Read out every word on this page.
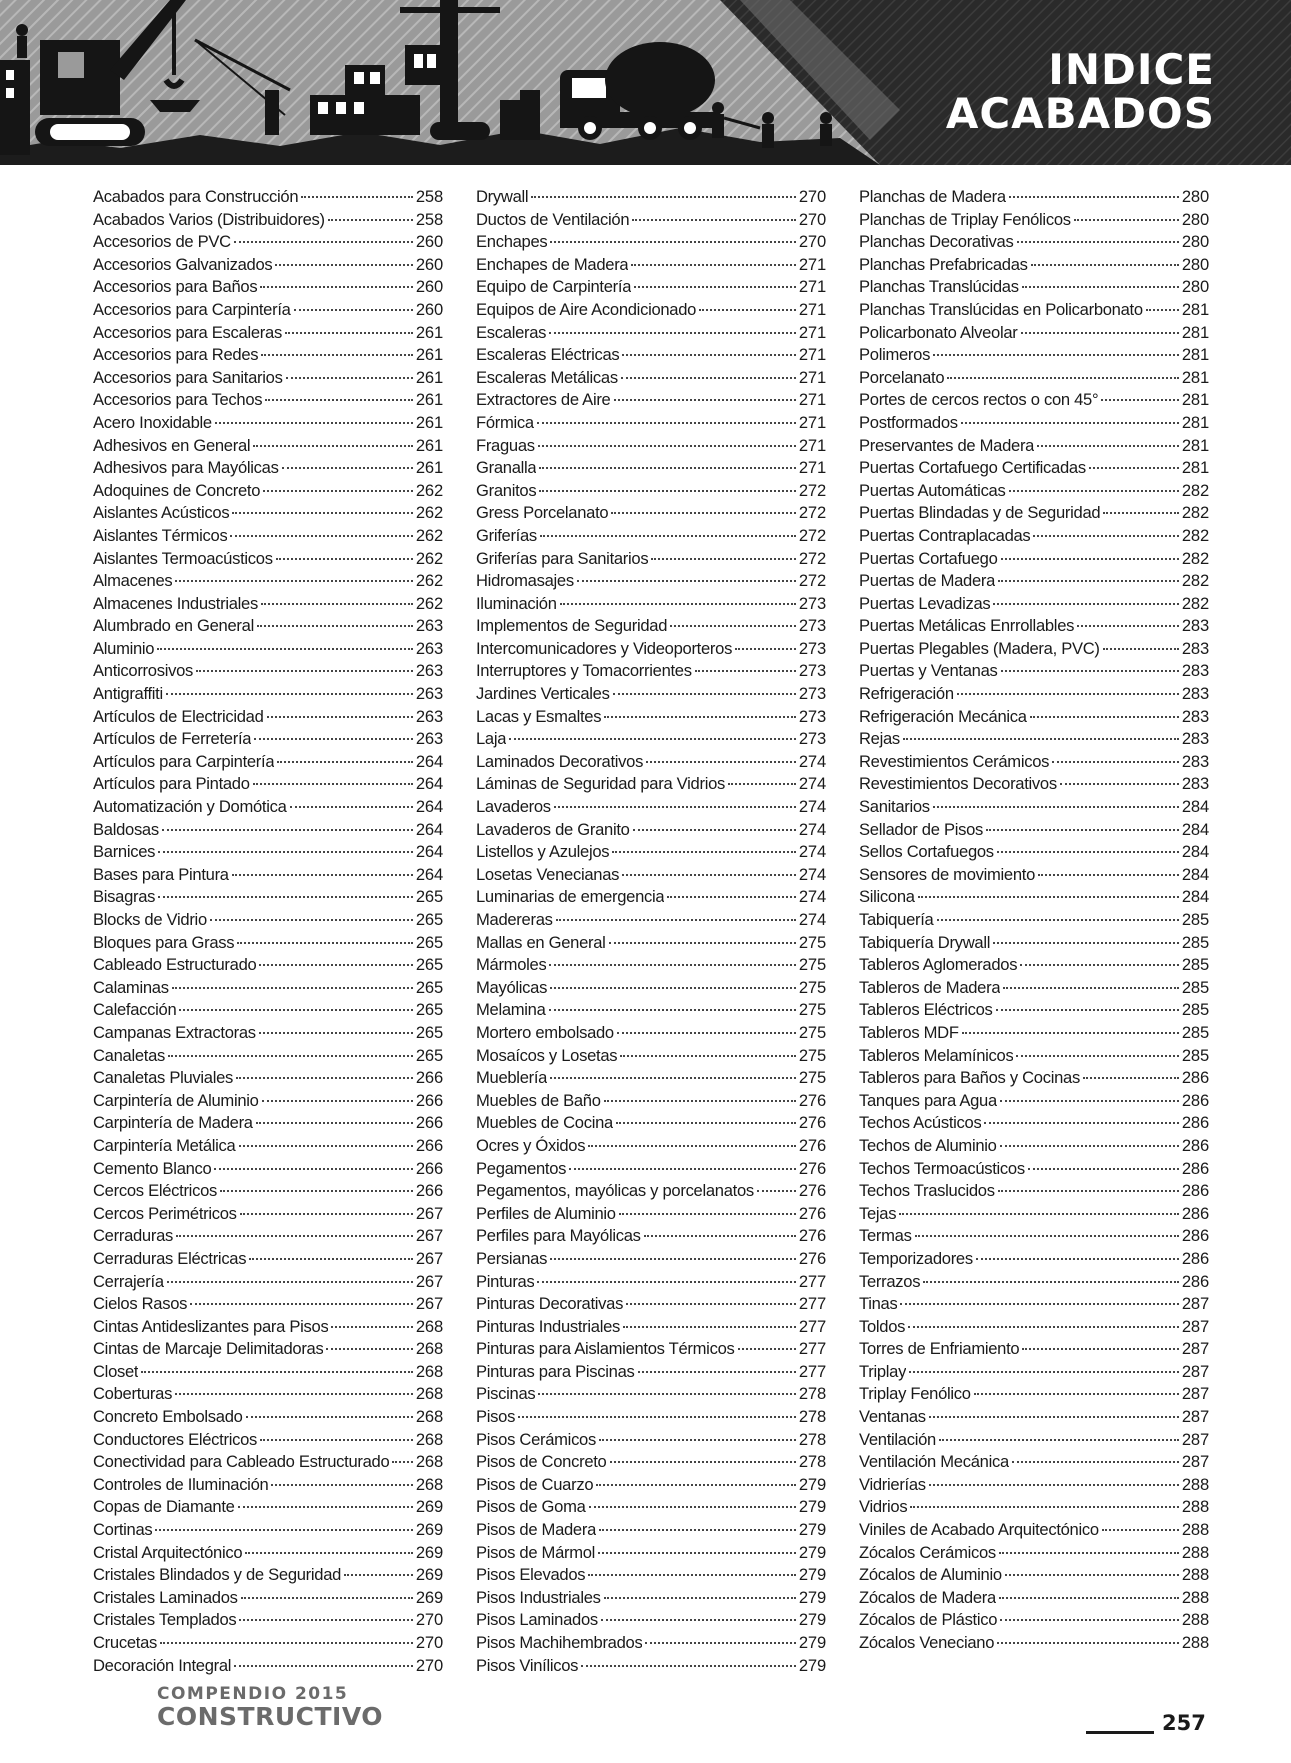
INDICE
ACABADOS
Acabados para Construcción	258
Acabados Varios (Distribuidores)	258
Accesorios de PVC	260
Accesorios Galvanizados	260
Accesorios para Baños	260
Accesorios para Carpintería	260
Accesorios para Escaleras	261
Accesorios para Redes	261
Accesorios para Sanitarios	261
Accesorios para Techos	261
Acero Inoxidable	261
Adhesivos en General	261
Adhesivos para Mayólicas	261
Adoquines de Concreto	262
Aislantes Acústicos	262
Aislantes Térmicos	262
Aislantes Termoacústicos	262
Almacenes	262
Almacenes Industriales	262
Alumbrado en General	263
Aluminio	263
Anticorrosivos	263
Antigraffiti	263
Artículos de Electricidad	263
Artículos de Ferretería	263
Artículos para Carpintería	264
Artículos para Pintado	264
Automatización y Domótica	264
Baldosas	264
Barnices	264
Bases para Pintura	264
Bisagras	265
Blocks de Vidrio	265
Bloques para Grass	265
Cableado Estructurado	265
Calaminas	265
Calefacción	265
Campanas Extractoras	265
Canaletas	265
Canaletas Pluviales	266
Carpintería de Aluminio	266
Carpintería de Madera	266
Carpintería Metálica	266
Cemento Blanco	266
Cercos Eléctricos	266
Cercos Perimétricos	267
Cerraduras	267
Cerraduras Eléctricas	267
Cerrajería	267
Cielos Rasos	267
Cintas Antideslizantes para Pisos	268
Cintas de Marcaje Delimitadoras	268
Closet	268
Coberturas	268
Concreto Embolsado	268
Conductores Eléctricos	268
Conectividad para Cableado Estructurado 268
Controles de Iluminación	268
Copas de Diamante	269
Cortinas	269
Cristal Arquitectónico	269
Cristales Blindados y de Seguridad	269
Cristales Laminados	269
Cristales Templados	270
Crucetas	270
Decoración Integral	270
Drywall	270
Ductos de Ventilación	270
Enchapes	270
Enchapes de Madera	271
Equipo de Carpintería	271
Equipos de Aire Acondicionado	271
Escaleras	271
Escaleras Eléctricas	271
Escaleras Metálicas	271
Extractores de Aire	271
Fórmica	271
Fraguas	271
Granalla	271
Granitos	272
Gress Porcelanato	272
Griferías	272
Griferías para Sanitarios	272
Hidromasajes	272
Iluminación	273
Implementos de Seguridad	273
Intercomunicadores y Videoporteros	273
Interruptores y Tomacorrientes	273
Jardines Verticales	273
Lacas y Esmaltes	273
Laja	273
Laminados Decorativos	274
Láminas de Seguridad para Vidrios	274
Lavaderos	274
Lavaderos de Granito	274
Listellos y Azulejos	274
Losetas Venecianas	274
Luminarias de emergencia	274
Madereras	274
Mallas en General	275
Mármoles	275
Mayólicas	275
Melamina	275
Mortero embolsado	275
Mosaícos y Losetas	275
Mueblería	275
Muebles de Baño	276
Muebles de Cocina	276
Ocres y Óxidos	276
Pegamentos	276
Pegamentos, mayólicas y porcelanatos	276
Perfiles de Aluminio	276
Perfiles para Mayólicas	276
Persianas	276
Pinturas	277
Pinturas Decorativas	277
Pinturas Industriales	277
Pinturas para Aislamientos Térmicos	277
Pinturas para Piscinas	277
Piscinas	278
Pisos	278
Pisos Cerámicos	278
Pisos de Concreto	278
Pisos de Cuarzo	279
Pisos de Goma	279
Pisos de Madera	279
Pisos de Mármol	279
Pisos Elevados	279
Pisos Industriales	279
Pisos Laminados	279
Pisos Machihembrados	279
Pisos Vinílicos	279
Planchas de Madera	280
Planchas de Triplay Fenólicos	280
Planchas Decorativas	280
Planchas Prefabricadas	280
Planchas Translúcidas	280
Planchas Translúcidas en Policarbonato 281
Policarbonato Alveolar	281
Polimeros	281
Porcelanato	281
Portes de cercos rectos o con 45°	281
Postformados	281
Preservantes de Madera	281
Puertas Cortafuego Certificadas	281
Puertas Automáticas	282
Puertas Blindadas y de Seguridad	282
Puertas Contraplacadas	282
Puertas Cortafuego	282
Puertas de Madera	282
Puertas Levadizas	282
Puertas Metálicas Enrrollables	283
Puertas Plegables (Madera, PVC)	283
Puertas y Ventanas	283
Refrigeración	283
Refrigeración Mecánica	283
Rejas	283
Revestimientos Cerámicos	283
Revestimientos Decorativos	283
Sanitarios	284
Sellador de Pisos	284
Sellos Cortafuegos	284
Sensores de movimiento	284
Silicona	284
Tabiquería	285
Tabiquería Drywall	285
Tableros Aglomerados	285
Tableros de Madera	285
Tableros Eléctricos	285
Tableros MDF	285
Tableros Melamínicos	285
Tableros para Baños y Cocinas	286
Tanques para Agua	286
Techos Acústicos	286
Techos de Aluminio	286
Techos Termoacústicos	286
Techos Traslucidos	286
Tejas	286
Termas	286
Temporizadores	286
Terrazos	286
Tinas	287
Toldos	287
Torres de Enfriamiento	287
Triplay	287
Triplay Fenólico	287
Ventanas	287
Ventilación	287
Ventilación Mecánica	287
Vidrierías	288
Vidrios	288
Viniles de Acabado Arquitectónico	288
Zócalos Cerámicos	288
Zócalos de Aluminio	288
Zócalos de Madera	288
Zócalos de Plástico	288
Zócalos Veneciano	288
COMPENDIO 2015
CONSTRUCTIVO	257
